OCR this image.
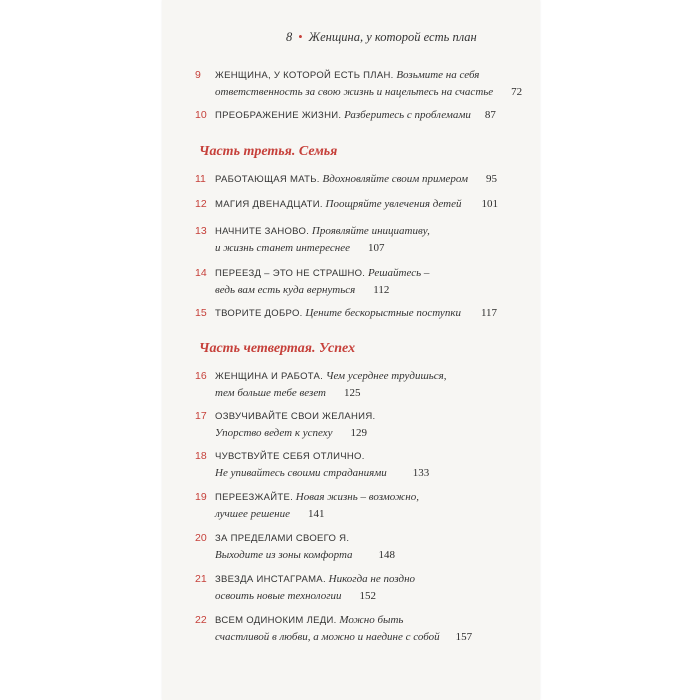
8 • Женщина, у которой есть план
9	ЖЕНЩИНА, У КОТОРОЙ ЕСТЬ ПЛАН. Возьмите на себя
ответственность за свою жизнь и нацельтесь на счастье 72
10 ПРЕОБРАЖЕНИЕ ЖИЗНИ. Разберитесь с проблемами 87
Часть третья. Семья
11 РАБОТАЮЩАЯ МАТЬ. Вдохновляйте своим примером 95
12 МАГИЯ ДВЕНАДЦАТИ. Поощряйте увлечения детей 101
13 НАЧНИТЕ ЗАНОВО. Проявляйте инициативу,
и жизнь станет интереснее 107
14 ПЕРЕЕЗД – ЭТО НЕ СТРАШНО. Решайтесь –
ведь вам есть куда вернуться 112
15 ТВОРИТЕ ДОБРО. Цените бескорыстные поступки 117
Часть четвертая. Успех
16 ЖЕНЩИНА И РАБОТА. Чем усерднее трудишься,
тем больше тебе везет 125
17 ОЗВУЧИВАЙТЕ СВОИ ЖЕЛАНИЯ.
Упорство ведет к успеху 129
18 ЧУВСТВУЙТЕ СЕБЯ ОТЛИЧНО.
Не упивайтесь своими страданиями 133
19 ПЕРЕЕЗЖАЙТЕ. Новая жизнь – возможно,
лучшее решение 141
20 ЗА ПРЕДЕЛАМИ СВОЕГО Я.
Выходите из зоны комфорта 148
21 ЗВЕЗДА ИНСТАГРАМА. Никогда не поздно
освоить новые технологии 152
22 ВСЕМ ОДИНОКИМ ЛЕДИ. Можно быть
счастливой в любви, а можно и наедине с собой 157
